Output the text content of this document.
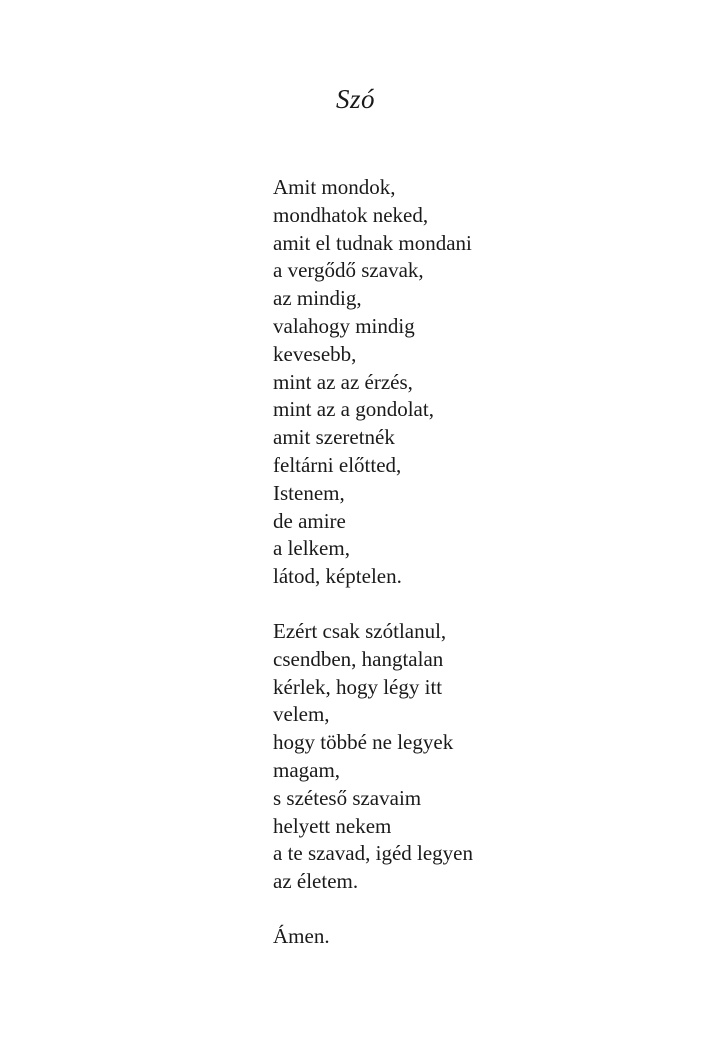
Szó
Amit mondok,
mondhatok neked,
amit el tudnak mondani
a vergődő szavak,
az mindig,
valahogy mindig
kevesebb,
mint az az érzés,
mint az a gondolat,
amit szeretnék
feltárni előtted,
Istenem,
de amire
a lelkem,
látod, képtelen.
Ezért csak szótlanul,
csendben, hangtalan
kérlek, hogy légy itt
velem,
hogy többé ne legyek
magam,
s széteső szavaim
helyett nekem
a te szavad, igéd legyen
az életem.
Ámen.
